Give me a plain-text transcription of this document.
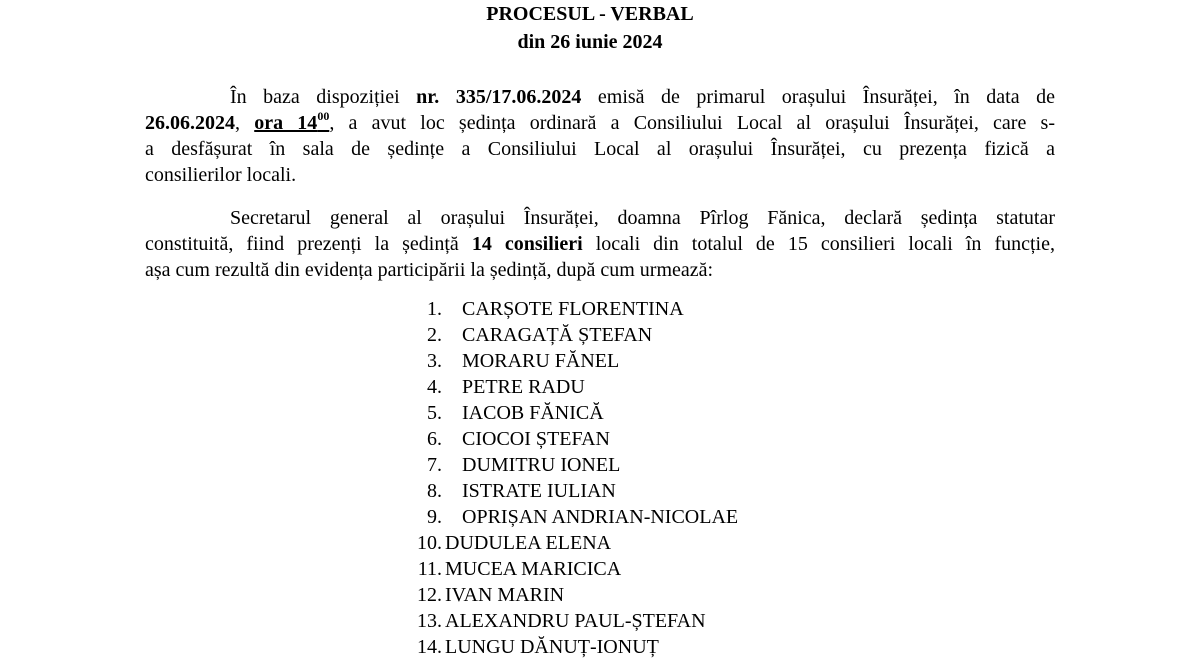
PROCESUL - VERBAL
din 26 iunie 2024
În baza dispoziției nr. 335/17.06.2024 emisă de primarul orașului Însurăței, în data de
26.06.2024, ora $14^{00}$, a avut loc ședința ordinară a Consiliului Local al orașului Însurăței, care s-
a desfășurat în sala de ședințe a Consiliului Local al orașului Însurăței, cu prezența fizică a
consilierilor locali.
Secretarul general al orașului Însurăței, doamna Pîrlog Fănica, declară ședința statutar
constituită, fiind prezenți la ședință 14 consilieri locali din totalul de 15 consilieri locali în funcție,
așa cum rezultă din evidența participării la ședință, după cum urmează:
1. CARȘOTE FLORENTINA
2. CARAGAȚĂ ȘTEFAN
3. MORARU FĂNEL
4. PETRE RADU
5. IACOB FĂNICĂ
6. CIOCOI ȘTEFAN
7. DUMITRU IONEL
8. ISTRATE IULIAN
9. OPRIȘAN ANDRIAN-NICOLAE
10. DUDULEA ELENA
11. MUCEA MARICICA
12. IVAN MARIN
13. ALEXANDRU PAUL-ȘTEFAN
14. LUNGU DĂNUȚ-IONUȚ
